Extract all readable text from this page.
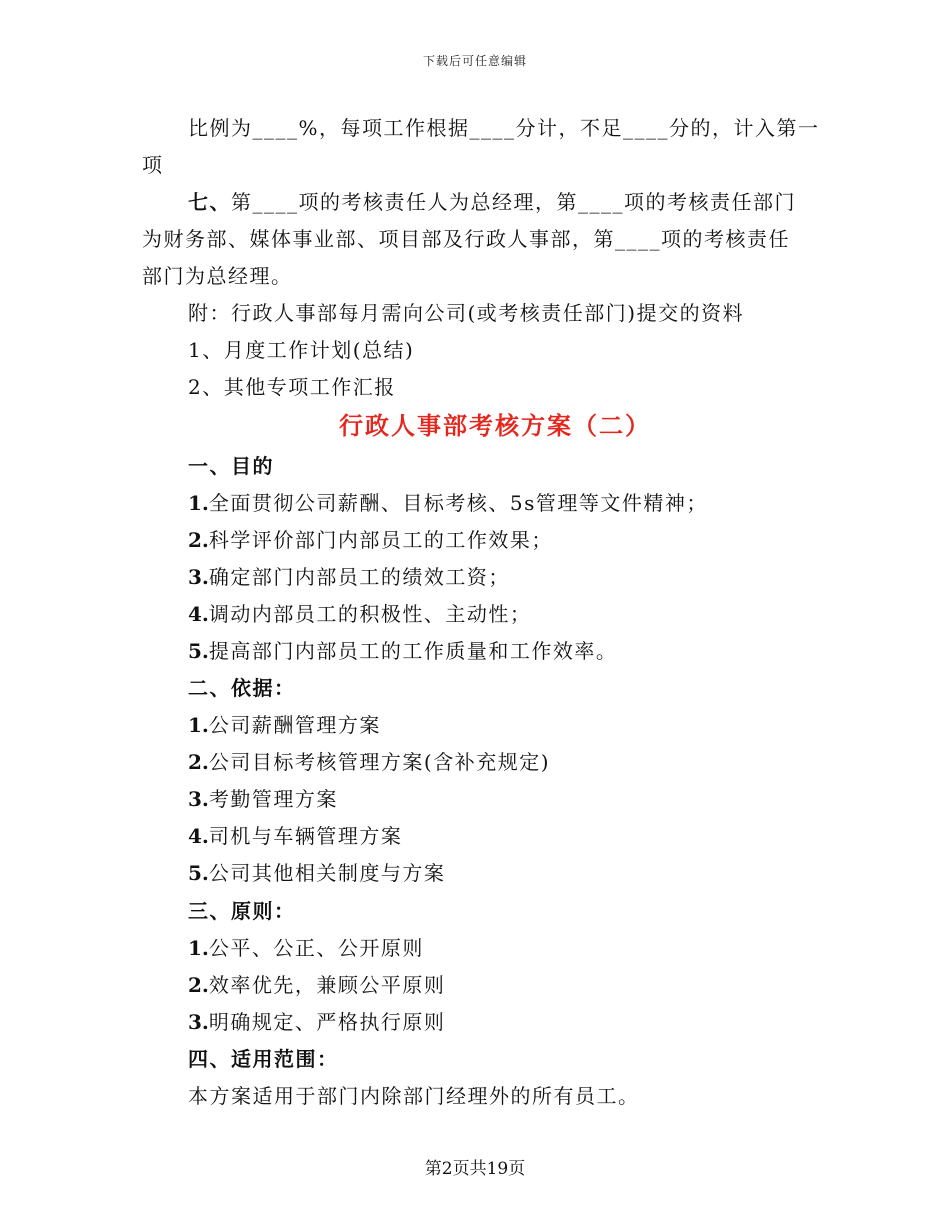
下载后可任意编辑
比例为____%，每项工作根据____分计，不足____分的，计入第一
项
七、第____项的考核责任人为总经理，第____项的考核责任部门
为财务部、媒体事业部、项目部及行政人事部，第____项的考核责任
部门为总经理。
附：行政人事部每月需向公司(或考核责任部门)提交的资料
1、月度工作计划(总结)
2、其他专项工作汇报
行政人事部考核方案（二）
一、目的
1.全面贯彻公司薪酬、目标考核、5s管理等文件精神；
2.科学评价部门内部员工的工作效果；
3.确定部门内部员工的绩效工资；
4.调动内部员工的积极性、主动性；
5.提高部门内部员工的工作质量和工作效率。
二、依据：
1.公司薪酬管理方案
2.公司目标考核管理方案(含补充规定)
3.考勤管理方案
4.司机与车辆管理方案
5.公司其他相关制度与方案
三、原则：
1.公平、公正、公开原则
2.效率优先，兼顾公平原则
3.明确规定、严格执行原则
四、适用范围：
本方案适用于部门内除部门经理外的所有员工。
第2页共19页
